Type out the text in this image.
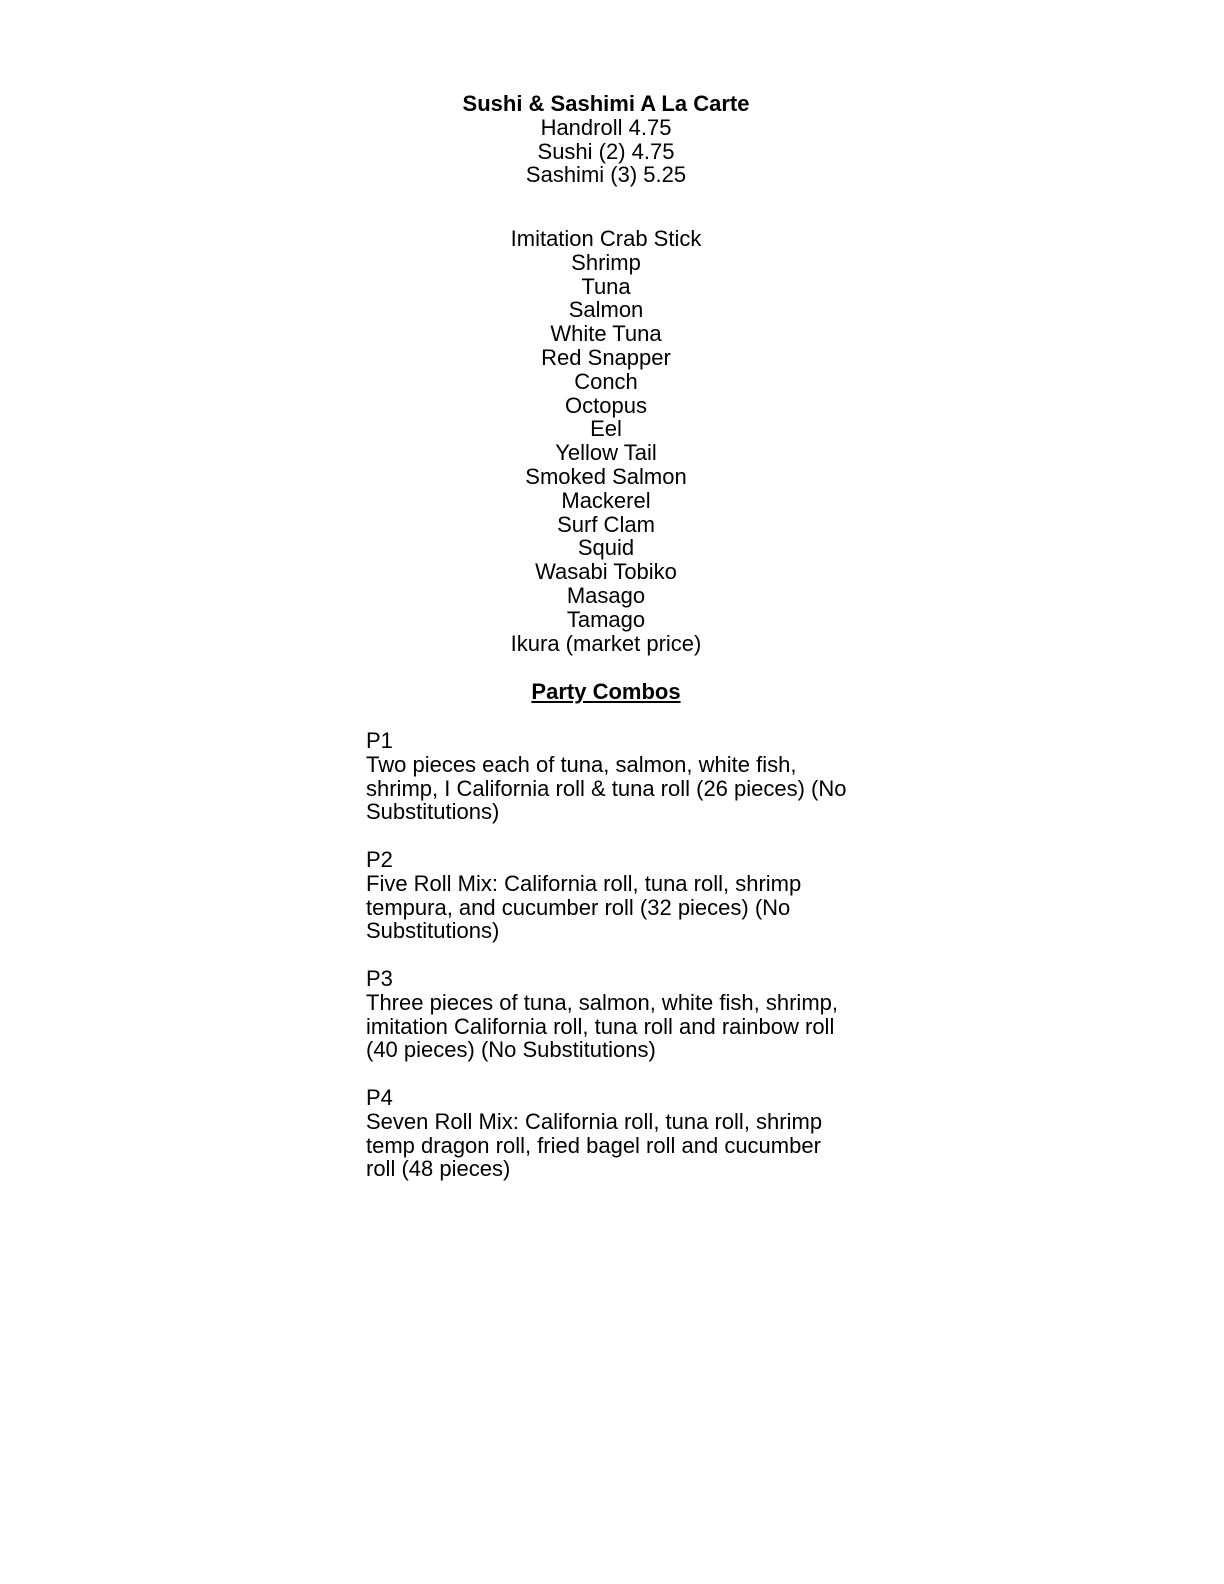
Sushi & Sashimi A La Carte
Handroll 4.75
Sushi (2) 4.75
Sashimi (3) 5.25
Imitation Crab Stick
Shrimp
Tuna
Salmon
White Tuna
Red Snapper
Conch
Octopus
Eel
Yellow Tail
Smoked Salmon
Mackerel
Surf Clam
Squid
Wasabi Tobiko
Masago
Tamago
Ikura (market price)
Party Combos
P1
Two pieces each of tuna, salmon, white fish,
shrimp, I California roll & tuna roll (26 pieces) (No
Substitutions)
P2
Five Roll Mix: California roll, tuna roll, shrimp
tempura, and cucumber roll (32 pieces) (No
Substitutions)
P3
Three pieces of tuna, salmon, white fish, shrimp,
imitation California roll, tuna roll and rainbow roll
(40 pieces) (No Substitutions)
P4
Seven Roll Mix: California roll, tuna roll, shrimp
temp dragon roll, fried bagel roll and cucumber
roll (48 pieces)
